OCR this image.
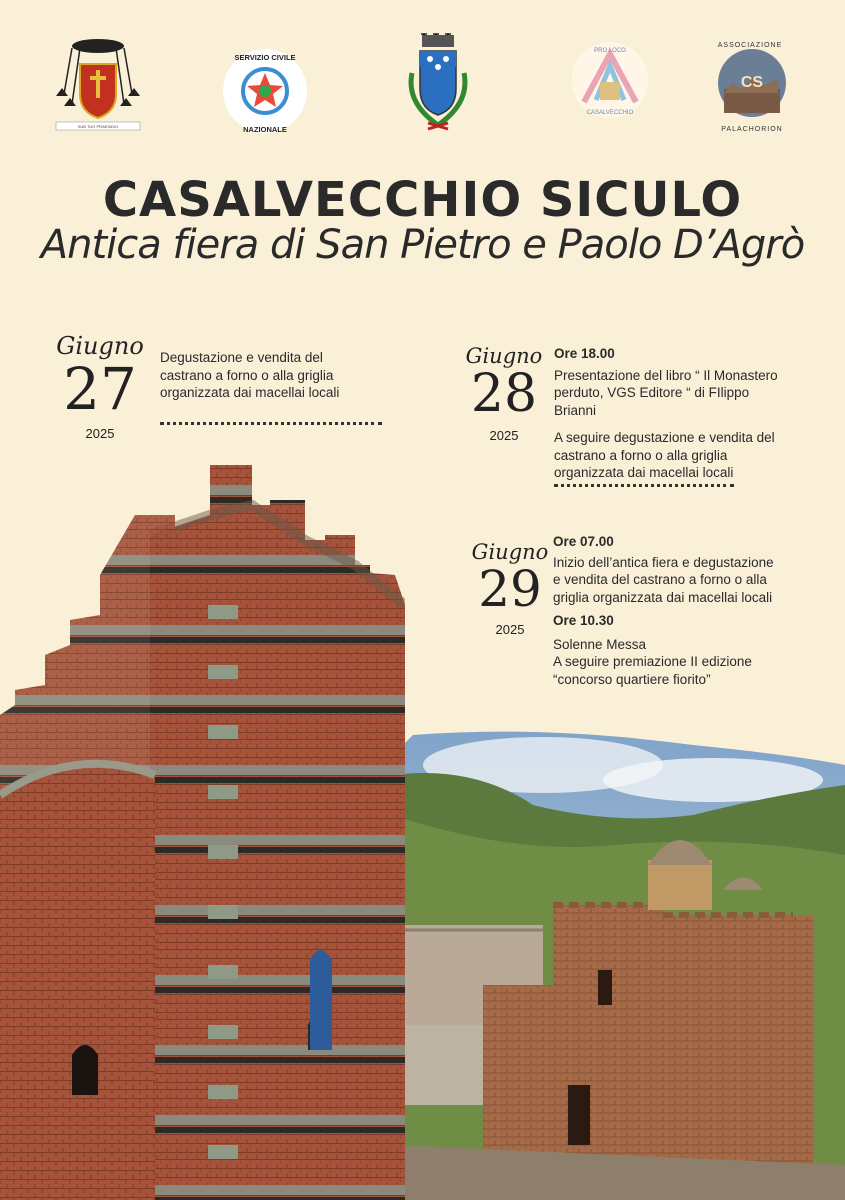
SUB TUO PRAESIDIO
SERVIZIO CIVILE
NAZIONALE
PRO LOCO
CASALVECCHIO
ASSOCIAZIONE
CS
PALACHORION
CASALVECCHIO SICULO
Antica fiera di San Pietro e Paolo D’Agrò
Giugno
27
2025
Degustazione e vendita del
castrano a forno o alla griglia
organizzata dai macellai locali
Giugno
28
2025
Ore 18.00
Presentazione del libro “ Il Monastero
perduto, VGS Editore “ di FIlippo
Brianni
A seguire degustazione e vendita del
castrano a forno o alla griglia
organizzata dai macellai locali
Giugno
29
2025
Ore 07.00
Inizio dell’antica fiera e degustazione
e vendita del castrano a forno o alla
griglia organizzata dai macellai locali
Ore 10.30
Solenne Messa
A seguire premiazione II edizione
“concorso quartiere fiorito”
